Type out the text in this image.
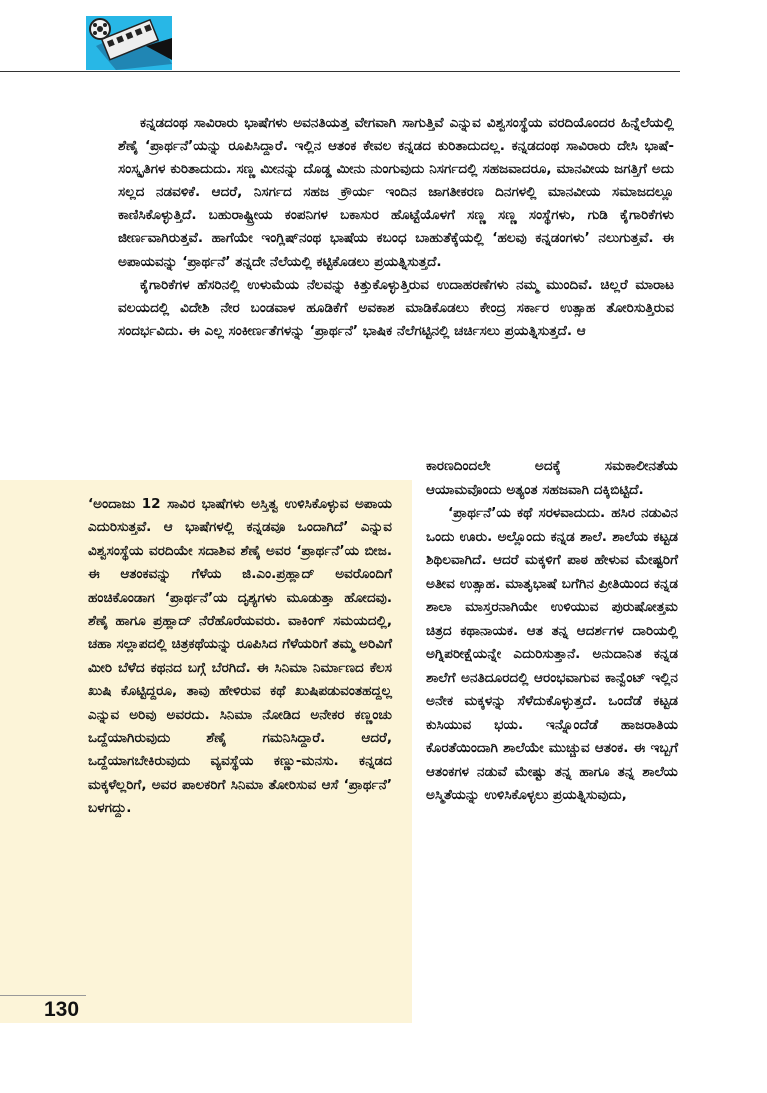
ಕನ್ನಡದಂಥ ಸಾವಿರಾರು ಭಾಷೆಗಳು ಅವನತಿಯತ್ತ ವೇಗವಾಗಿ ಸಾಗುತ್ತಿವೆ ಎನ್ನುವ ವಿಶ್ವಸಂಸ್ಥೆಯ ವರದಿಯೊಂದರ ಹಿನ್ನೆಲೆಯಲ್ಲಿ ಶೆಣೈ ‘ಪ್ರಾರ್ಥನೆ’ಯನ್ನು ರೂಪಿಸಿದ್ದಾರೆ. ಇಲ್ಲಿನ ಆತಂಕ ಕೇವಲ ಕನ್ನಡದ ಕುರಿತಾದುದಲ್ಲ. ಕನ್ನಡದಂಥ ಸಾವಿರಾರು ದೇಸಿ ಭಾಷೆ-ಸಂಸ್ಕೃತಿಗಳ ಕುರಿತಾದುದು. ಸಣ್ಣ ಮೀನನ್ನು ದೊಡ್ಡ ಮೀನು ನುಂಗುವುದು ನಿಸರ್ಗದಲ್ಲಿ ಸಹಜವಾದರೂ, ಮಾನವೀಯ ಜಗತ್ತಿಗೆ ಅದು ಸಲ್ಲದ ನಡವಳಿಕೆ. ಆದರೆ, ನಿಸರ್ಗದ ಸಹಜ ಕ್ರೌರ್ಯ ಇಂದಿನ ಜಾಗತೀಕರಣ ದಿನಗಳಲ್ಲಿ ಮಾನವೀಯ ಸಮಾಜದಲ್ಲೂ ಕಾಣಿಸಿಕೊಳ್ಳುತ್ತಿದೆ. ಬಹುರಾಷ್ಟ್ರೀಯ ಕಂಪನಿಗಳ ಬಕಾಸುರ ಹೊಟ್ಟೆಯೊಳಗೆ ಸಣ್ಣ ಸಣ್ಣ ಸಂಸ್ಥೆಗಳು, ಗುಡಿ ಕೈಗಾರಿಕೆಗಳು ಜೀರ್ಣವಾಗಿರುತ್ತವೆ. ಹಾಗೆಯೇ ಇಂಗ್ಲಿಷ್‌ನಂಥ ಭಾಷೆಯ ಕಬಂಧ ಬಾಹುತೆಕ್ಕೆಯಲ್ಲಿ ‘ಹಲವು ಕನ್ನಡಂಗಳು’ ನಲುಗುತ್ತವೆ. ಈ ಅಪಾಯವನ್ನು ‘ಪ್ರಾರ್ಥನೆ’ ತನ್ನದೇ ನೆಲೆಯಲ್ಲಿ ಕಟ್ಟಿಕೊಡಲು ಪ್ರಯತ್ನಿಸುತ್ತದೆ.

ಕೈಗಾರಿಕೆಗಳ ಹೆಸರಿನಲ್ಲಿ ಉಳುಮೆಯ ನೆಲವನ್ನು ಕಿತ್ತುಕೊಳ್ಳುತ್ತಿರುವ ಉದಾಹರಣೆಗಳು ನಮ್ಮ ಮುಂದಿವೆ. ಚಿಲ್ಲರೆ ಮಾರಾಟ ವಲಯದಲ್ಲಿ ವಿದೇಶಿ ನೇರ ಬಂಡವಾಳ ಹೂಡಿಕೆಗೆ ಅವಕಾಶ ಮಾಡಿಕೊಡಲು ಕೇಂದ್ರ ಸರ್ಕಾರ ಉತ್ಸಾಹ ತೋರಿಸುತ್ತಿರುವ ಸಂದರ್ಭವಿದು. ಈ ಎಲ್ಲ ಸಂಕೀರ್ಣತೆಗಳನ್ನು ‘ಪ್ರಾರ್ಥನೆ’ ಭಾಷಿಕ ನೆಲೆಗಟ್ಟಿನಲ್ಲಿ ಚರ್ಚಿಸಲು ಪ್ರಯತ್ನಿಸುತ್ತದೆ. ಆ

‘ಅಂದಾಜು 12 ಸಾವಿರ ಭಾಷೆಗಳು ಅಸ್ತಿತ್ವ ಉಳಿಸಿಕೊಳ್ಳುವ ಅಪಾಯ ಎದುರಿಸುತ್ತವೆ. ಆ ಭಾಷೆಗಳಲ್ಲಿ ಕನ್ನಡವೂ ಒಂದಾಗಿದೆ’ ಎನ್ನುವ ವಿಶ್ವಸಂಸ್ಥೆಯ ವರದಿಯೇ ಸದಾಶಿವ ಶೆಣೈ ಅವರ ‘ಪ್ರಾರ್ಥನೆ’ಯ ಬೀಜ. ಈ ಆತಂಕವನ್ನು ಗೆಳೆಯ ಜಿ.ಎಂ.ಪ್ರಹ್ಲಾದ್ ಅವರೊಂದಿಗೆ ಹಂಚಿಕೊಂಡಾಗ ‘ಪ್ರಾರ್ಥನೆ’ಯ ದೃಶ್ಯಗಳು ಮೂಡುತ್ತಾ ಹೋದವು. ಶೆಣೈ ಹಾಗೂ ಪ್ರಹ್ಲಾದ್ ನೆರೆಹೊರೆಯವರು. ವಾಕಿಂಗ್ ಸಮಯದಲ್ಲಿ, ಚಹಾ ಸಲ್ಲಾಪದಲ್ಲಿ ಚಿತ್ರಕಥೆಯನ್ನು ರೂಪಿಸಿದ ಗೆಳೆಯರಿಗೆ ತಮ್ಮ ಅರಿವಿಗೆ ಮೀರಿ ಬೆಳೆದ ಕಥನದ ಬಗ್ಗೆ ಬೆರಗಿದೆ. ಈ ಸಿನಿಮಾ ನಿರ್ಮಾಣದ ಕೆಲಸ ಖುಷಿ ಕೊಟ್ಟಿದ್ದರೂ, ತಾವು ಹೇಳಿರುವ ಕಥೆ ಖುಷಿಪಡುವಂತಹದ್ದಲ್ಲ ಎನ್ನುವ ಅರಿವು ಅವರದು. ಸಿನಿಮಾ ನೋಡಿದ ಅನೇಕರ ಕಣ್ಣಂಚು ಒದ್ದೆಯಾಗಿರುವುದು ಶೆಣೈ ಗಮನಿಸಿದ್ದಾರೆ. ಆದರೆ, ಒದ್ದೆಯಾಗಬೇಕಿರುವುದು ವ್ಯವಸ್ಥೆಯ ಕಣ್ಣು-ಮನಸು. ಕನ್ನಡದ ಮಕ್ಕಳೆಲ್ಲರಿಗೆ, ಅವರ ಪಾಲಕರಿಗೆ ಸಿನಿಮಾ ತೋರಿಸುವ ಆಸೆ ‘ಪ್ರಾರ್ಥನೆ’ ಬಳಗದ್ದು.

ಕಾರಣದಿಂದಲೇ ಅದಕ್ಕೆ ಸಮಕಾಲೀನತೆಯ ಆಯಾಮವೊಂದು ಅತ್ಯಂತ ಸಹಜವಾಗಿ ದಕ್ಕಿಬಿಟ್ಟಿದೆ.

‘ಪ್ರಾರ್ಥನೆ’ಯ ಕಥೆ ಸರಳವಾದುದು. ಹಸಿರ ನಡುವಿನ ಒಂದು ಊರು. ಅಲ್ಲೊಂದು ಕನ್ನಡ ಶಾಲೆ. ಶಾಲೆಯ ಕಟ್ಟಡ ಶಿಥಿಲವಾಗಿದೆ. ಆದರೆ ಮಕ್ಕಳಿಗೆ ಪಾಠ ಹೇಳುವ ಮೇಷ್ಟರಿಗೆ ಅತೀವ ಉತ್ಸಾಹ. ಮಾತೃಭಾಷೆ ಬಗೆಗಿನ ಪ್ರೀತಿಯಿಂದ ಕನ್ನಡ ಶಾಲಾ ಮಾಸ್ತರನಾಗಿಯೇ ಉಳಿಯುವ ಪುರುಷೋತ್ತಮ ಚಿತ್ರದ ಕಥಾನಾಯಕ. ಆತ ತನ್ನ ಆದರ್ಶಗಳ ದಾರಿಯಲ್ಲಿ ಅಗ್ನಿಪರೀಕ್ಷೆಯನ್ನೇ ಎದುರಿಸುತ್ತಾನೆ. ಅನುದಾನಿತ ಕನ್ನಡ ಶಾಲೆಗೆ ಅನತಿದೂರದಲ್ಲಿ ಆರಂಭವಾಗುವ ಕಾನ್ವೆಂಟ್ ಇಲ್ಲಿನ ಅನೇಕ ಮಕ್ಕಳನ್ನು ಸೆಳೆದುಕೊಳ್ಳುತ್ತದೆ. ಒಂದೆಡೆ ಕಟ್ಟಡ ಕುಸಿಯುವ ಭಯ. ಇನ್ನೊಂದೆಡೆ ಹಾಜರಾತಿಯ ಕೊರತೆಯಿಂದಾಗಿ ಶಾಲೆಯೇ ಮುಚ್ಚುವ ಆತಂಕ. ಈ ಇಬ್ಬಗೆ ಆತಂಕಗಳ ನಡುವೆ ಮೇಷ್ಟು ತನ್ನ ಹಾಗೂ ತನ್ನ ಶಾಲೆಯ ಅಸ್ಮಿತೆಯನ್ನು ಉಳಿಸಿಕೊಳ್ಳಲು ಪ್ರಯತ್ನಿಸುವುದು,

130
